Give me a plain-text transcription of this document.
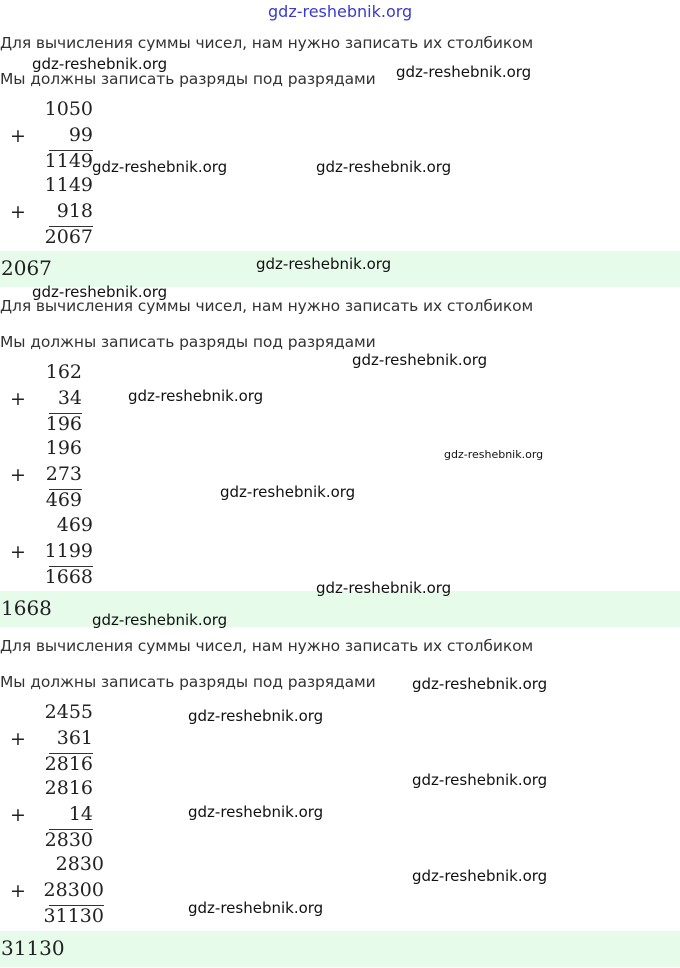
gdz-reshebnik.org
Для вычисления суммы чисел, нам нужно записать их столбиком
Мы должны записать разряды под разрядами
1050
+	99
1149
1149
+	918
2067
2067
Для вычисления суммы чисел, нам нужно записать их столбиком
Мы должны записать разряды под разрядами
162
+	34
196
196
+	273
469
469
+ 1199
1668
1668
Для вычисления суммы чисел, нам нужно записать их столбиком
Мы должны записать разряды под разрядами
2455
+	361
2816
2816
+	14
2830
2830
+ 28300
31130
31130
gdz-reshebnik.org	gdz-reshebnik.org
gdz-reshebnik.org	gdz-reshebnik.org
gdz-reshebnik.org
gdz-reshebnik.org
gdz-reshebnik.org
gdz-reshebnik.org
gdz-reshebnik.org
gdz-reshebnik.org
gdz-reshebnik.org
gdz-reshebnik.org
gdz-reshebnik.org
gdz-reshebnik.org
gdz-reshebnik.org
gdz-reshebnik.org
gdz-reshebnik.org
gdz-reshebnik.org
